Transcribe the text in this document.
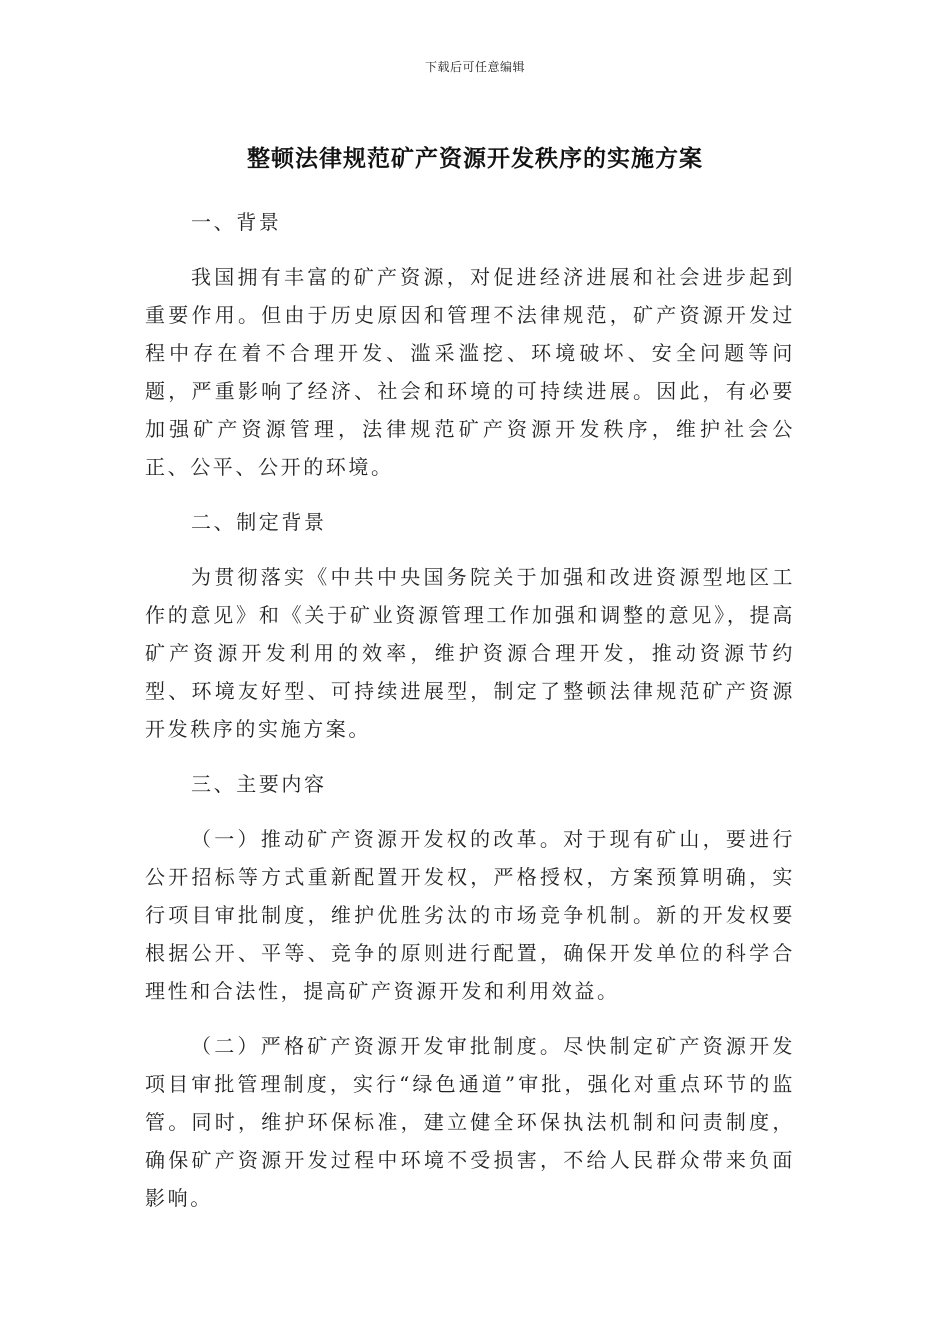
下载后可任意编辑
整顿法律规范矿产资源开发秩序的实施方案

一、背景

我国拥有丰富的矿产资源，对促进经济进展和社会进步起到重要作用。但由于历史原因和管理不法律规范，矿产资源开发过程中存在着不合理开发、滥采滥挖、环境破坏、安全问题等问题，严重影响了经济、社会和环境的可持续进展。因此，有必要加强矿产资源管理，法律规范矿产资源开发秩序，维护社会公正、公平、公开的环境。

二、制定背景

为贯彻落实《中共中央国务院关于加强和改进资源型地区工作的意见》和《关于矿业资源管理工作加强和调整的意见》，提高矿产资源开发利用的效率，维护资源合理开发，推动资源节约型、环境友好型、可持续进展型，制定了整顿法律规范矿产资源开发秩序的实施方案。

三、主要内容

（一）推动矿产资源开发权的改革。对于现有矿山，要进行公开招标等方式重新配置开发权，严格授权，方案预算明确，实行项目审批制度，维护优胜劣汰的市场竞争机制。新的开发权要根据公开、平等、竞争的原则进行配置，确保开发单位的科学合理性和合法性，提高矿产资源开发和利用效益。

（二）严格矿产资源开发审批制度。尽快制定矿产资源开发项目审批管理制度，实行“绿色通道”审批，强化对重点环节的监管。同时，维护环保标准，建立健全环保执法机制和问责制度，确保矿产资源开发过程中环境不受损害，不给人民群众带来负面影响。
